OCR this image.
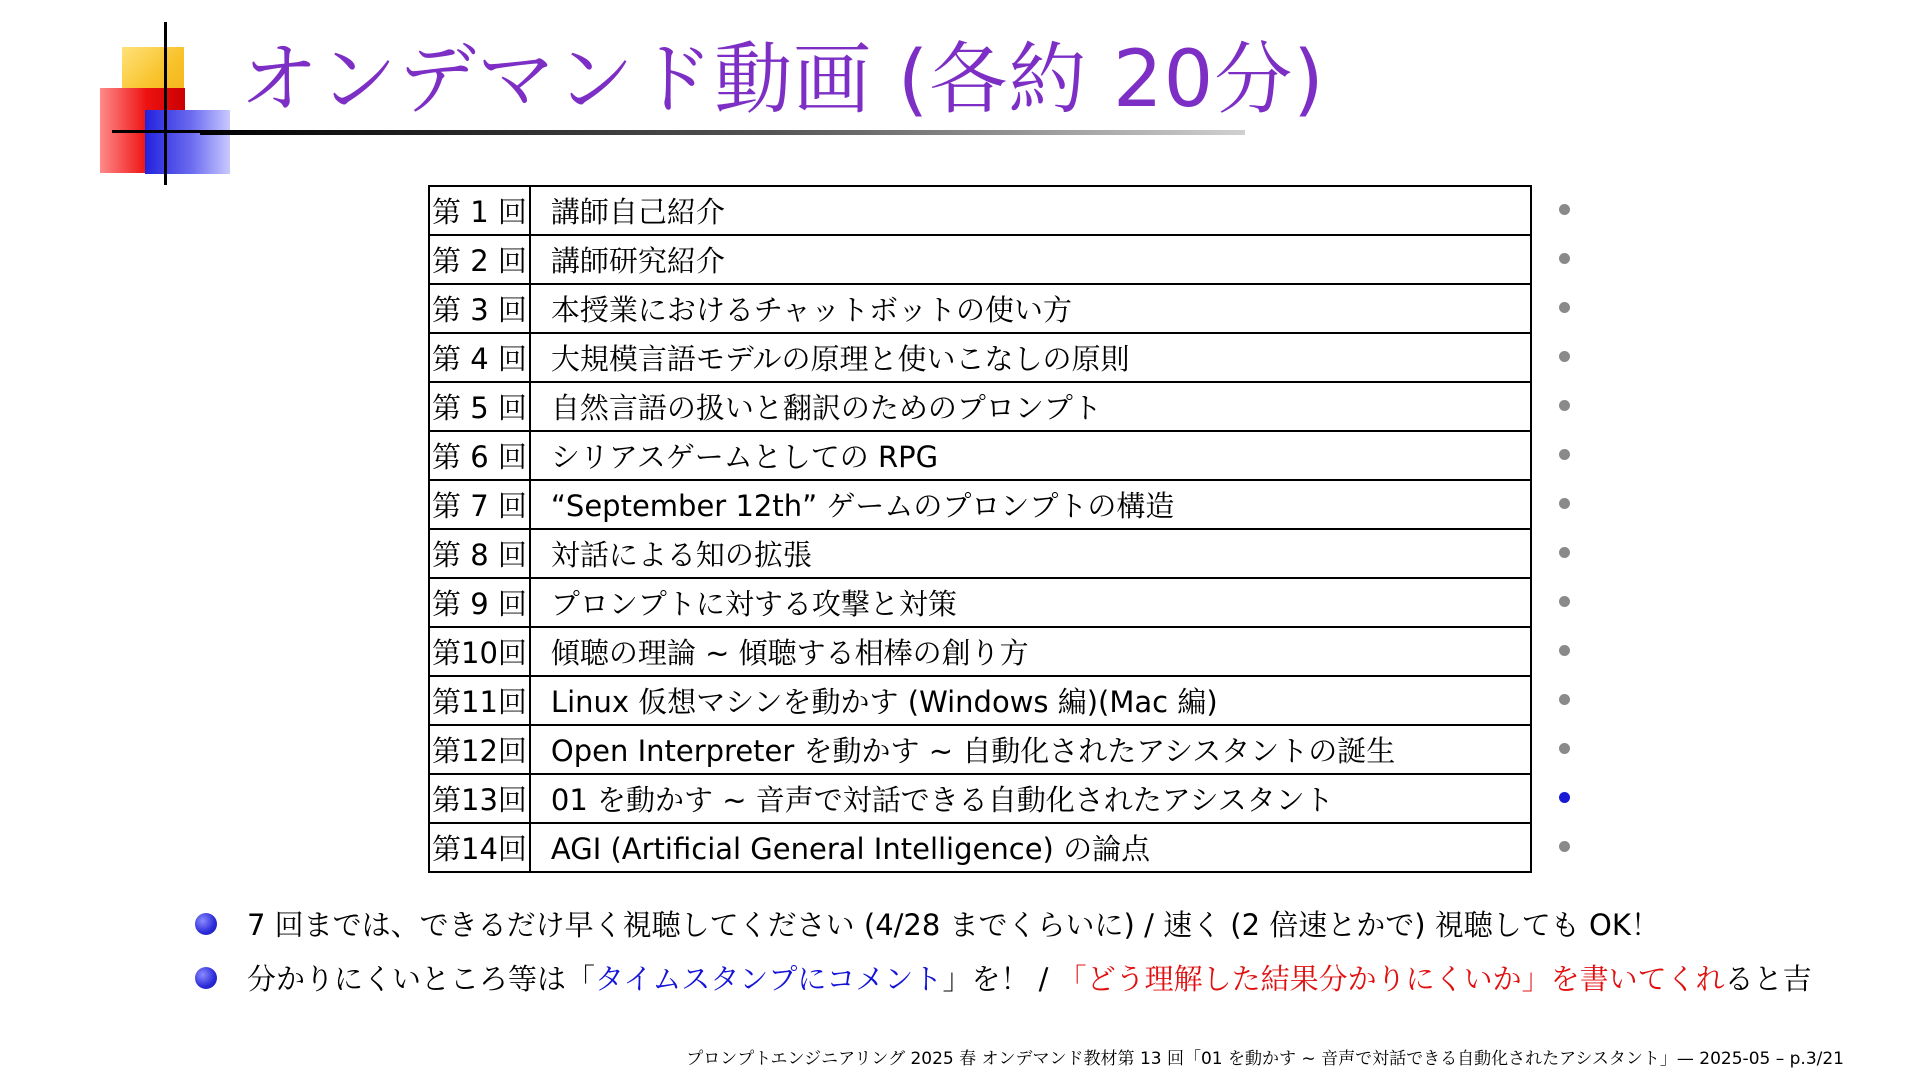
オンデマンド動画 (各約 20分)
第 1 回	講師自己紹介
第 2 回	講師研究紹介
第 3 回	本授業におけるチャットボットの使い方
第 4 回	大規模言語モデルの原理と使いこなしの原則
第 5 回	自然言語の扱いと翻訳のためのプロンプト
第 6 回	シリアスゲームとしての RPG
第 7 回	“September 12th” ゲームのプロンプトの構造
第 8 回	対話による知の拡張
第 9 回	プロンプトに対する攻撃と対策
第10回	傾聴の理論 ∼ 傾聴する相棒の創り方
第11回	Linux 仮想マシンを動かす (Windows 編)(Mac 編)
第12回	Open Interpreter を動かす ∼ 自動化されたアシスタントの誕生
第13回	01 を動かす ∼ 音声で対話できる自動化されたアシスタント
第14回	AGI (Artificial General Intelligence) の論点
7 回までは、できるだけ早く視聴してください (4/28 までくらいに) / 速く (2 倍速とかで) 視聴しても OK！
分かりにくいところ等は「タイムスタンプにコメント」を！ / 「どう理解した結果分かりにくいか」を書いてくれると吉
プロンプトエンジニアリング 2025 春 オンデマンド教材第 13 回「01 を動かす ∼ 音声で対話できる自動化されたアシスタント」— 2025-05 – p.3/21
